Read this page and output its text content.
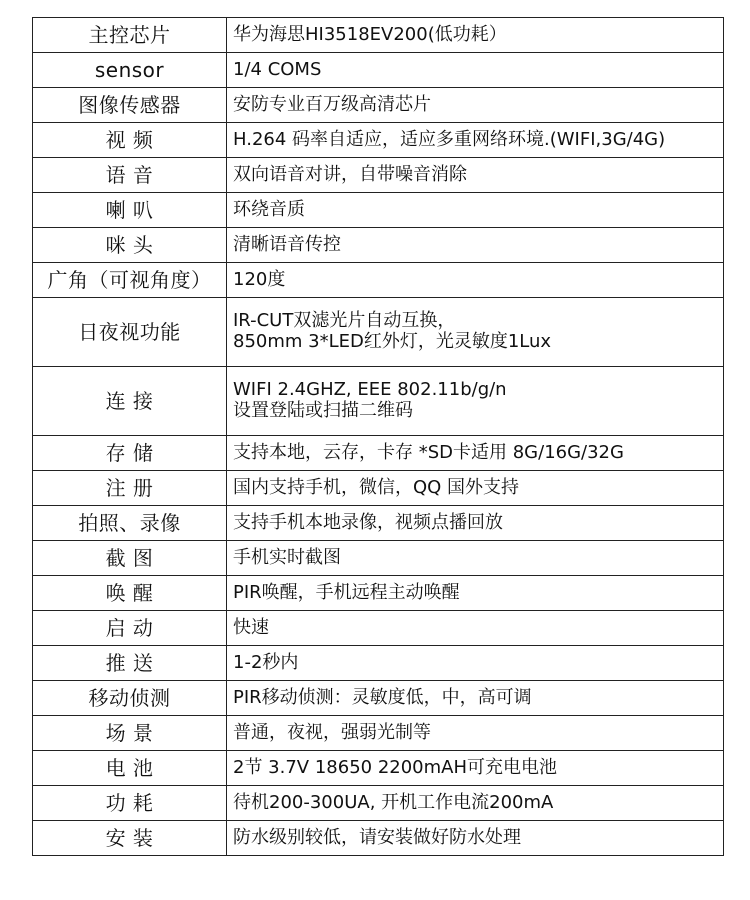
主控芯片	华为海思HI3518EV200(低功耗）
sensor	1/4 COMS
图像传感器	安防专业百万级高清芯片
视 频	H.264 码率自适应，适应多重网络环境.(WIFI,3G/4G)
语 音	双向语音对讲，自带噪音消除
喇 叭	环绕音质
咪 头	清晰语音传控
广角（可视角度）	120度
日夜视功能	IR-CUT双滤光片自动互换，
850mm 3*LED红外灯，光灵敏度1Lux

连 接	WIFI 2.4GHZ, EEE 802.11b/g/n
设置登陆或扫描二维码

存 储	支持本地，云存，卡存 *SD卡适用 8G/16G/32G
注 册	国内支持手机，微信，QQ 国外支持
拍照、录像	支持手机本地录像，视频点播回放
截 图	手机实时截图
唤 醒	PIR唤醒，手机远程主动唤醒
启 动	快速
推 送	1-2秒内
移动侦测	PIR移动侦测：灵敏度低，中，高可调
场 景	普通，夜视，强弱光制等
电 池	2节 3.7V 18650 2200mAH可充电电池
功 耗	待机200-300UA, 开机工作电流200mA
安 装	防水级别较低，请安装做好防水处理
